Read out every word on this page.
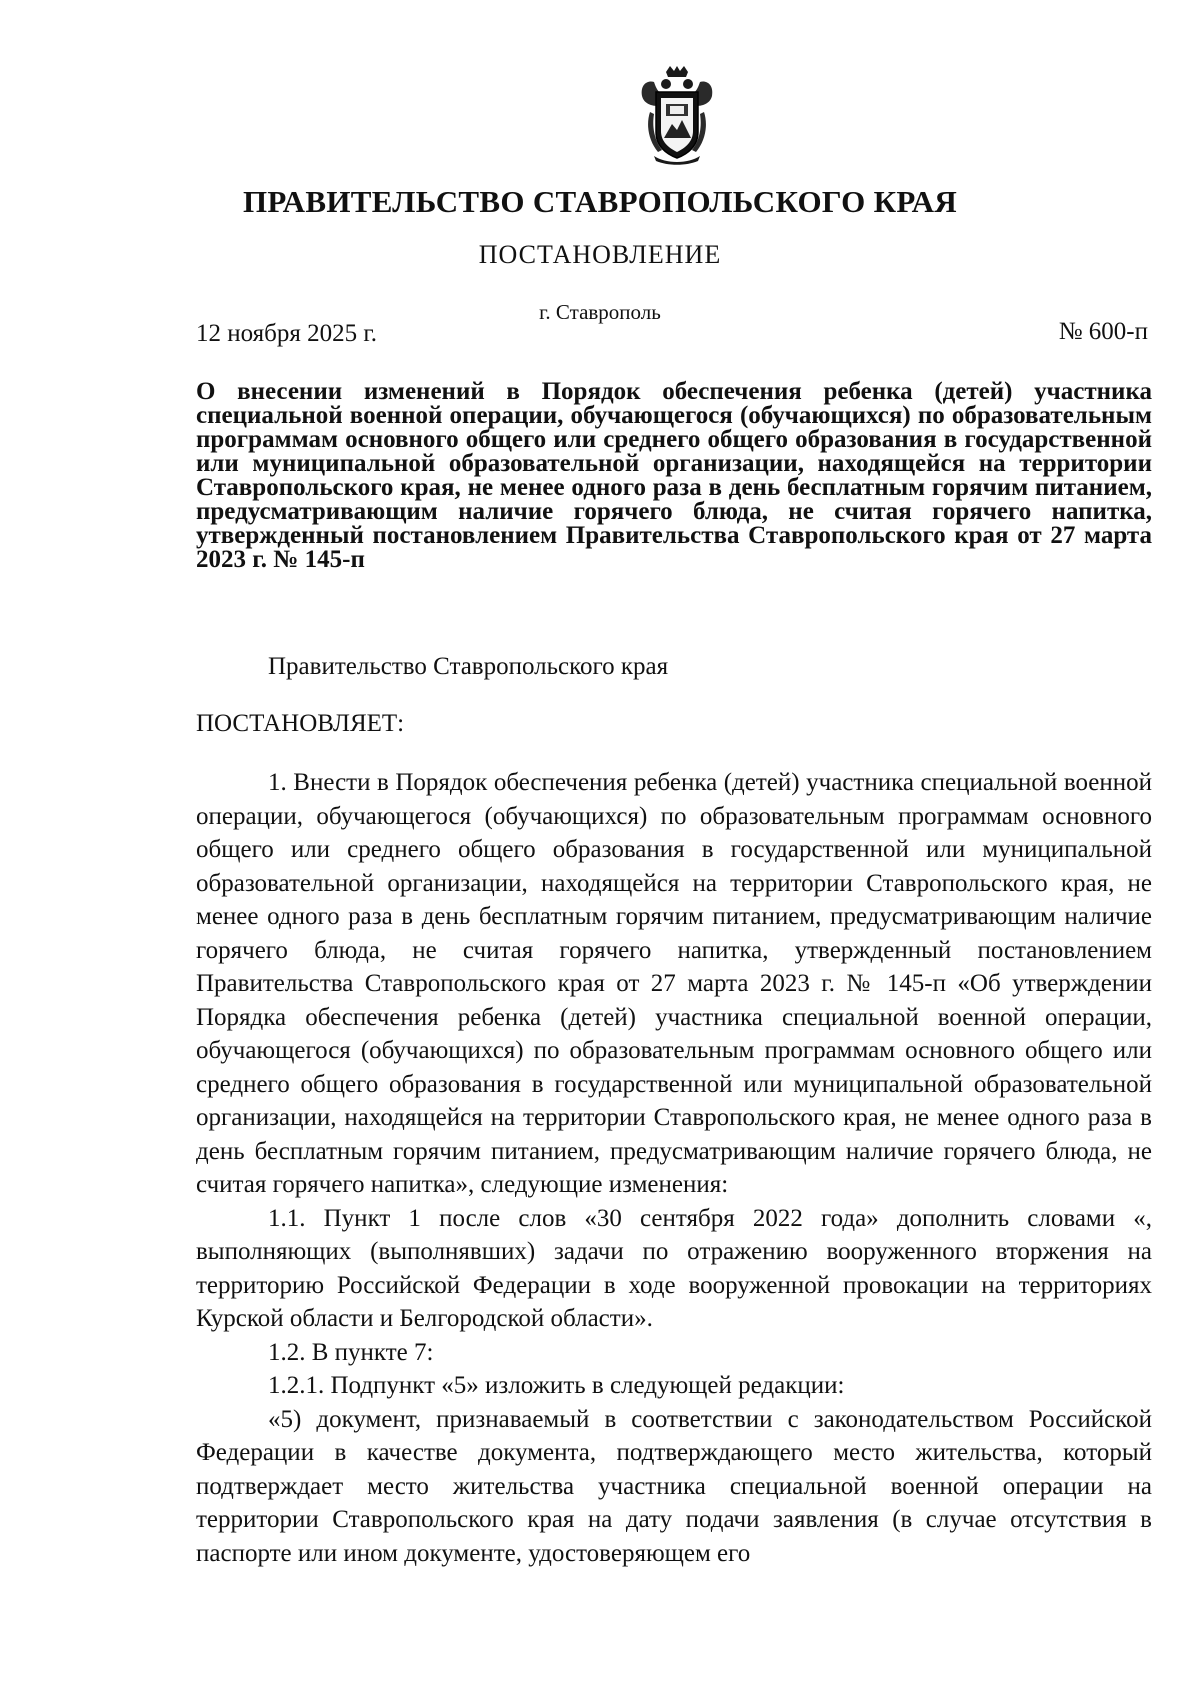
ПРАВИТЕЛЬСТВО СТАВРОПОЛЬСКОГО КРАЯ
ПОСТАНОВЛЕНИЕ
г. Ставрополь
12 ноября 2025 г.	№ 600-п
О внесении изменений в Порядок обеспечения ребенка (детей) участника специальной военной операции, обучающегося (обучающихся) по образовательным программам основного общего или среднего общего образования в государственной или муниципальной образовательной организации, находящейся на территории Ставропольского края, не менее одного раза в день бесплатным горячим питанием, предусматривающим наличие горячего блюда, не считая горячего напитка, утвержденный постановлением Правительства Ставропольского края от 27 марта 2023 г. № 145-п
Правительство Ставропольского края
ПОСТАНОВЛЯЕТ:

1. Внести в Порядок обеспечения ребенка (детей) участника специальной военной операции, обучающегося (обучающихся) по образовательным программам основного общего или среднего общего образования в государственной или муниципальной образовательной организации, находящейся на территории Ставропольского края, не менее одного раза в день бесплатным горячим питанием, предусматривающим наличие горячего блюда, не считая горячего напитка, утвержденный постановлением Правительства Ставропольского края от 27 марта 2023 г. № 145-п «Об утверждении Порядка обеспечения ребенка (детей) участника специальной военной операции, обучающегося (обучающихся) по образовательным программам основного общего или среднего общего образования в государственной или муниципальной образовательной организации, находящейся на территории Ставропольского края, не менее одного раза в день бесплатным горячим питанием, предусматривающим наличие горячего блюда, не считая горячего напитка», следующие изменения:

1.1. Пункт 1 после слов «30 сентября 2022 года» дополнить словами «, выполняющих (выполнявших) задачи по отражению вооруженного вторжения на территорию Российской Федерации в ходе вооруженной провокации на территориях Курской области и Белгородской области».

1.2. В пункте 7:

1.2.1. Подпункт «5» изложить в следующей редакции:

«5) документ, признаваемый в соответствии с законодательством Российской Федерации в качестве документа, подтверждающего место жительства, который подтверждает место жительства участника специальной военной операции на территории Ставропольского края на дату подачи заявления (в случае отсутствия в паспорте или ином документе, удостоверяющем его
